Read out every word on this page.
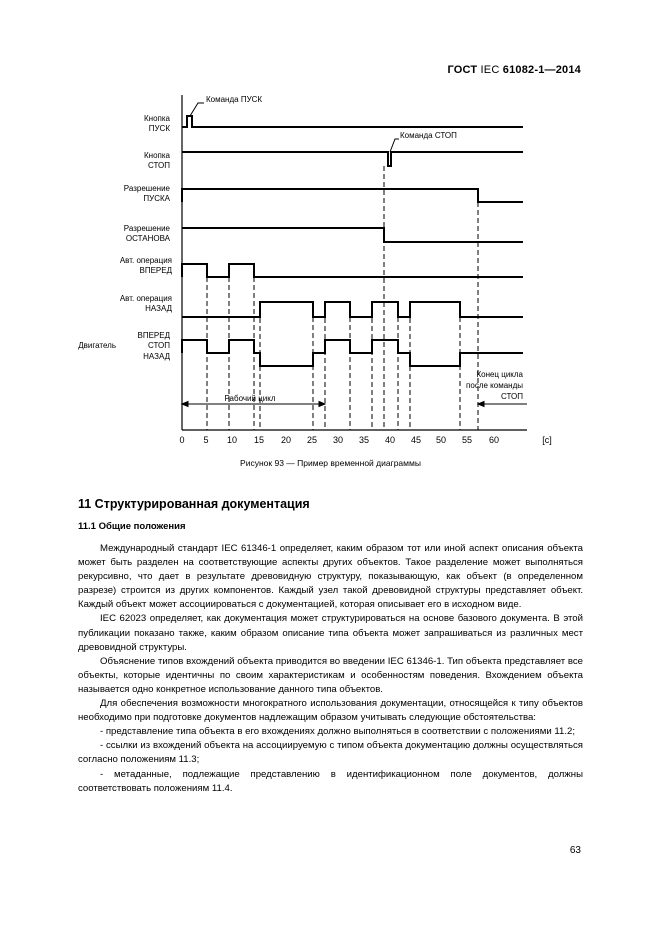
ГОСТ IEC 61082-1—2014
Кнопка
ПУСК
Кнопка
СТОП
Разрешение
ПУСКА
Разрешение
ОСТАНОВА
Авт. операция
ВПЕРЕД
Авт. операция
НАЗАД
ВПЕРЕД
СТОП
НАЗАД
Двигатель
Команда ПУСК
Команда СТОП
Рабочий цикл
Конец цикла
после команды
СТОП
0 5 10 15 20 25 30 35 40 45 50 55 60	[с]
Рисунок 93 — Пример временной диаграммы
11 Структурированная документация
11.1 Общие положения

Международный стандарт IEC 61346-1 определяет, каким образом тот или иной аспект описания объекта может быть разделен на соответствующие аспекты других объектов. Такое разделение может выполняться рекурсивно, что дает в результате древовидную структуру, показывающую, как объект (в определенном разрезе) строится из других компонентов. Каждый узел такой древовидной структуры представляет объект. Каждый объект может ассоциироваться с документацией, которая описывает его в исходном виде.

IEC 62023 определяет, как документация может структурироваться на основе базового документа. В этой публикации показано также, каким образом описание типа объекта может запрашиваться из различных мест древовидной структуры.

Объяснение типов вхождений объекта приводится во введении IEC 61346-1. Тип объекта представляет все объекты, которые идентичны по своим характеристикам и особенностям поведения. Вхождением объекта называется одно конкретное использование данного типа объектов.

Для обеспечения возможности многократного использования документации, относящейся к типу объектов необходимо при подготовке документов надлежащим образом учитывать следующие обстоятельства:

- представление типа объекта в его вхождениях должно выполняться в соответствии с положениями 11.2;

- ссылки из вхождений объекта на ассоциируемую с типом объекта документацию должны осуществляться согласно положениям 11.3;

- метаданные, подлежащие представлению в идентификационном поле документов, должны соответствовать положениям 11.4.

63
